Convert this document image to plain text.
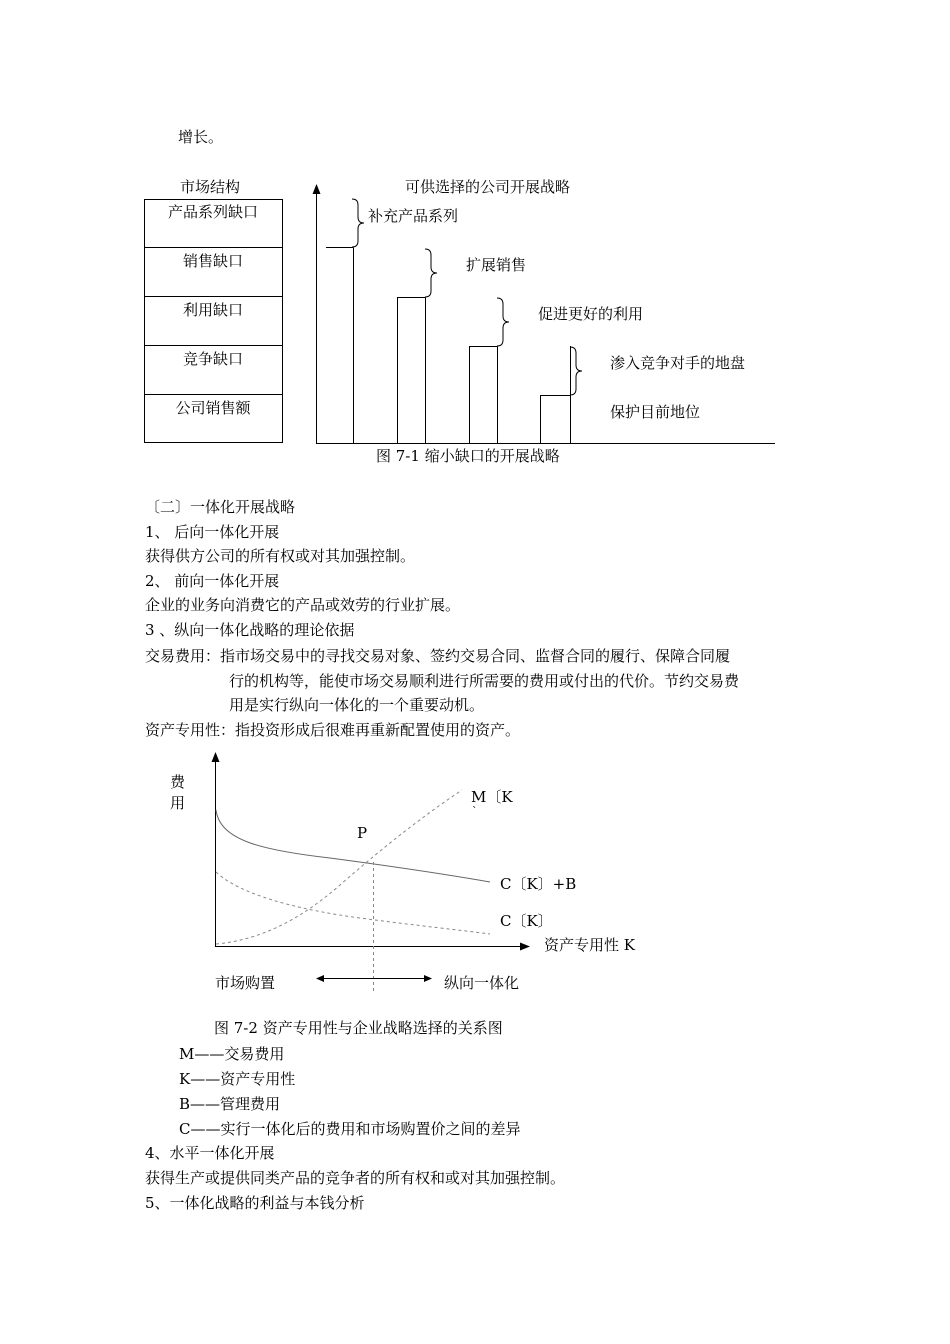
增长。
市场结构	可供选择的公司开展战略
产品系列缺口
销售缺口
利用缺口
竞争缺口
公司销售额
补充产品系列
扩展销售
促进更好的利用
渗入竞争对手的地盘
保护目前地位
图 7-1 缩小缺口的开展战略
〔二〕一体化开展战略
1、 后向一体化开展
获得供方公司的所有权或对其加强控制。
2、 前向一体化开展
企业的业务向消费它的产品或效劳的行业扩展。
3 、纵向一体化战略的理论依据
交易费用：指市场交易中的寻找交易对象、签约交易合同、监督合同的履行、保障合同履
行的机构等，能使市场交易顺利进行所需要的费用或付出的代价。节约交易费
用是实行纵向一体化的一个重要动机。
资产专用性：指投资形成后很难再重新配置使用的资产。
费
用	M〔K
`
P
C〔K〕+B
C〔K〕
资产专用性 K
市场购置	纵向一体化
图 7-2 资产专用性与企业战略选择的关系图
M——交易费用
K——资产专用性
B——管理费用
C——实行一体化后的费用和市场购置价之间的差异
4、水平一体化开展
获得生产或提供同类产品的竞争者的所有权和或对其加强控制。
5、一体化战略的利益与本钱分析
